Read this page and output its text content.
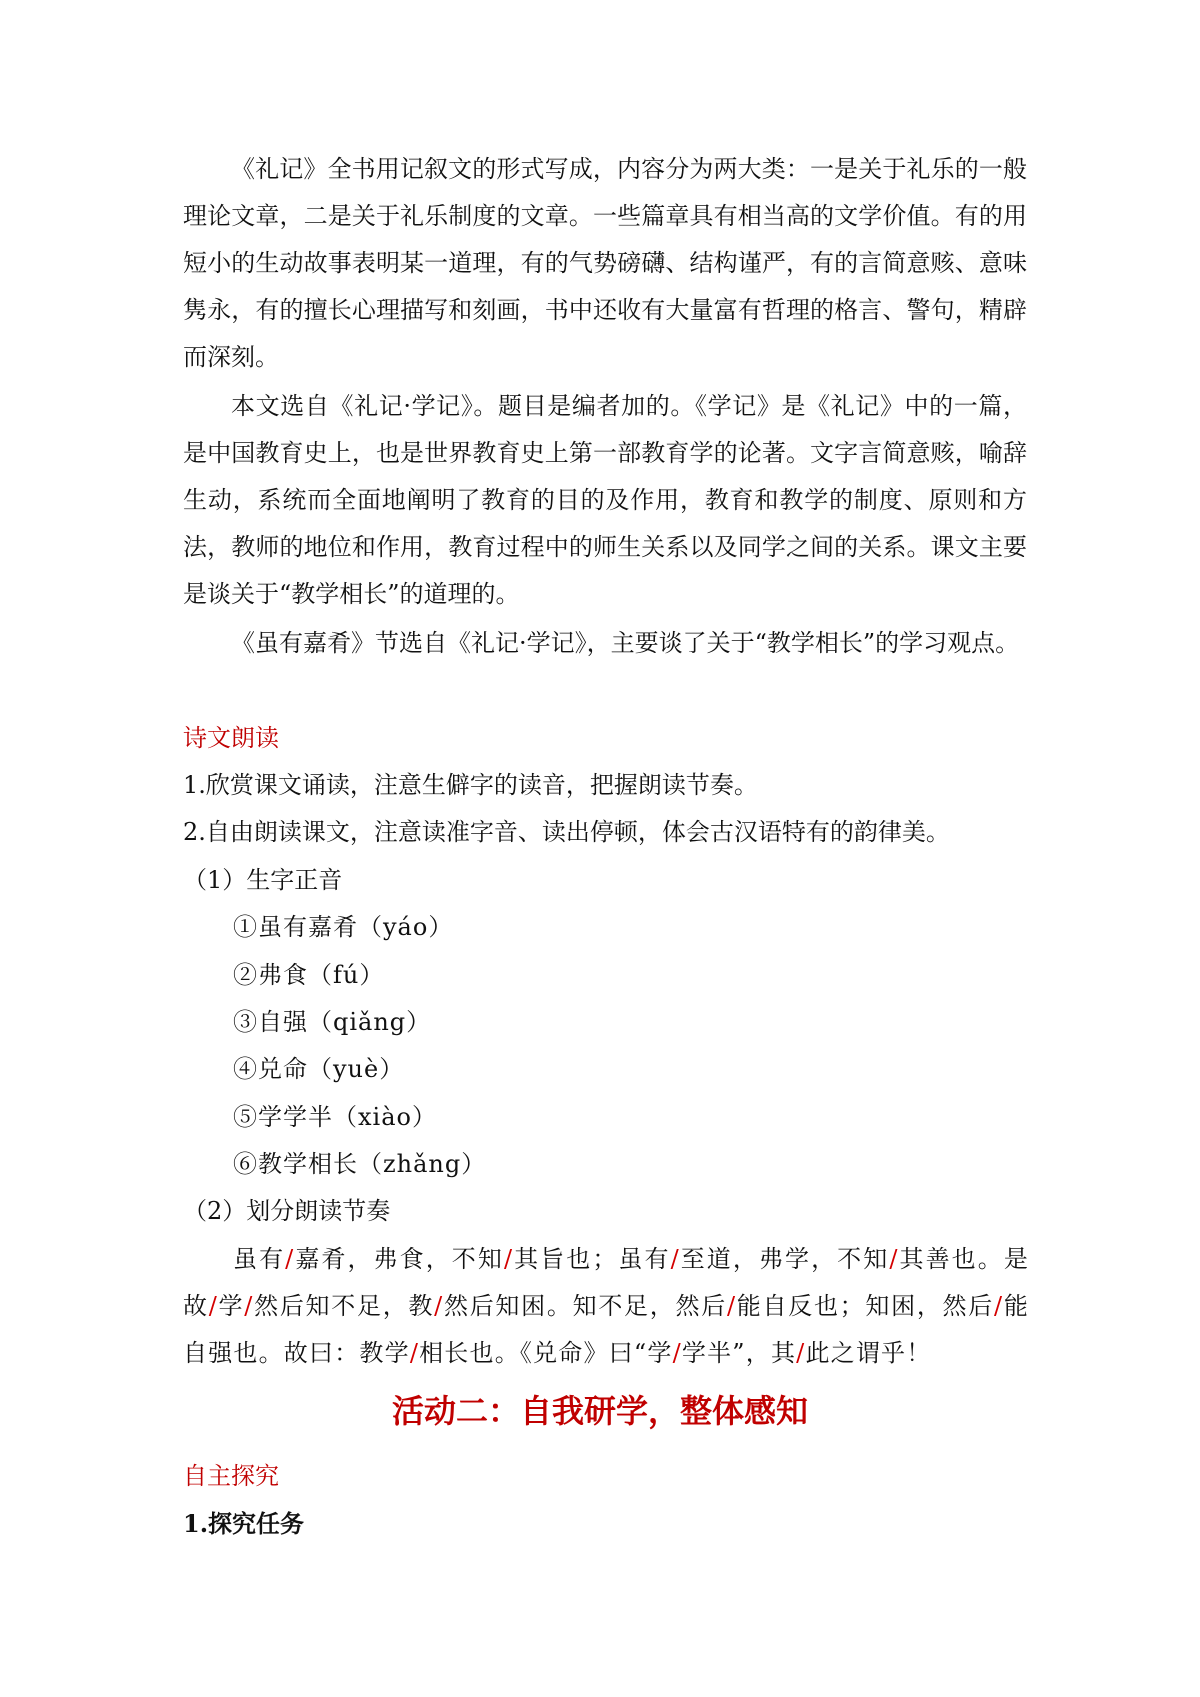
《礼记》全书用记叙文的形式写成，内容分为两大类：一是关于礼乐的一般理论文章，二是关于礼乐制度的文章。一些篇章具有相当高的文学价值。有的用短小的生动故事表明某一道理，有的气势磅礴、结构谨严，有的言简意赅、意味隽永，有的擅长心理描写和刻画，书中还收有大量富有哲理的格言、警句，精辟而深刻。

本文选自《礼记·学记》。题目是编者加的。《学记》是《礼记》中的一篇，是中国教育史上，也是世界教育史上第一部教育学的论著。文字言简意赅，喻辞生动，系统而全面地阐明了教育的目的及作用，教育和教学的制度、原则和方法，教师的地位和作用，教育过程中的师生关系以及同学之间的关系。课文主要是谈关于“教学相长”的道理的。

《虽有嘉肴》节选自《礼记·学记》，主要谈了关于“教学相长”的学习观点。

诗文朗读

1.欣赏课文诵读，注意生僻字的读音，把握朗读节奏。

2.自由朗读课文，注意读准字音、读出停顿，体会古汉语特有的韵律美。

（1）生字正音

①虽有嘉肴（yáo）

②弗食（fú）

③自强（qiǎng）

④兑命（yuè）

⑤学学半（xiào）

⑥教学相长（zhǎng）

（2）划分朗读节奏

虽有/嘉肴，弗食，不知/其旨也；虽有/至道，弗学，不知/其善也。是故/学/然后知不足，教/然后知困。知不足，然后/能自反也；知困，然后/能自强也。故曰：教学/相长也。《兑命》曰“学/学半”，其/此之谓乎！

活动二：自我研学，整体感知

自主探究

1.探究任务
